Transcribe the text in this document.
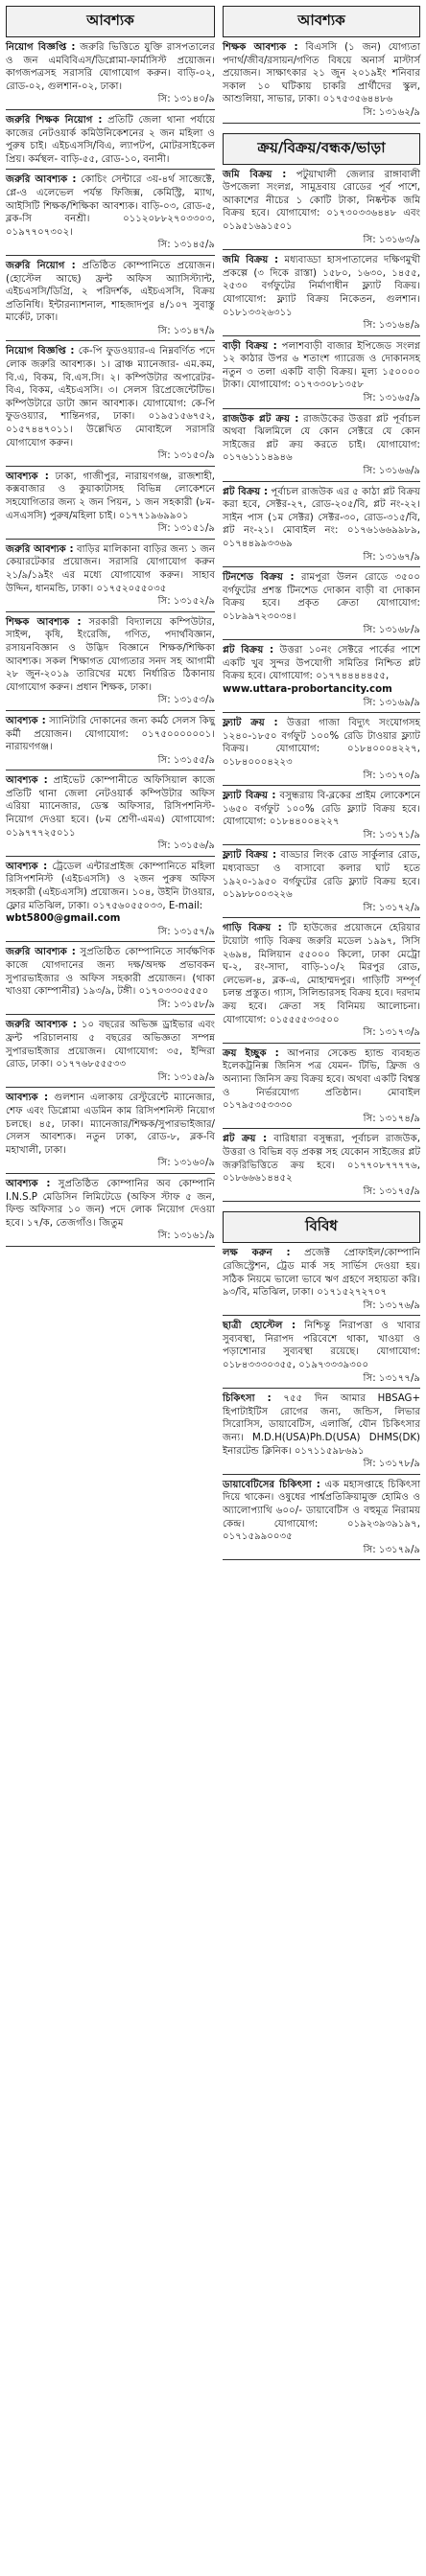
আবশ্যক
নিয়োগ বিজ্ঞপ্তি : জরুরি ভিত্তিতে যুক্তি রাসপতালের ও জন এমবিবিএস/ডিপ্লোমা-ফার্মাসিস্ট প্রয়োজন। কাগজপত্রসহ সরাসরি যোগাযোগ করুন। বাড়ি-০২, রোড-০২, গুলশান-০২, ঢাকা।
সি: ১৩১৪০/৯
জরুরি শিক্ষক নিয়োগ : প্রতিটি জেলা থানা পর্যায়ে কাজের নেটওয়ার্ক কমিউনিকেশনের ২ জন মহিলা ও পুরুষ চাই। এইচএসসি/বিএ, ল্যাপটপ, মোটরসাইকেল প্রিয়। কর্মস্থল- বাড়ি-৫৫, রোড-১০, বনানী।
জরুরি আবশ্যক : কোচিং সেন্টারে ৩য়-৪র্থ সাব্জেক্টে, প্লে-ও এলেভেল পর্যন্ত ফিজিক্স, কেমিস্ট্রি, ম্যাথ, আইসিটি শিক্ষক/শিক্ষিকা আবশ্যক। বাড়ি-০৩, রোড-৫, ব্লক-সি বনশ্রী। ০১১২০৮৮২৭০৩৩০৩, ০১৯৭৭০৭৩০২।
সি: ১৩১৪৫/৯
জরুরি নিয়োগ : প্রতিষ্ঠিত কোম্পানিতে প্রয়োজন। (হোস্টেল আছে) ফ্রন্ট অফিস অ্যাসিস্ট্যান্ট, এইচএসসি/ডিগ্রি, ২ পরিদর্শক, এইচএসসি, বিক্রয় প্রতিনিধি। ইন্টারন্যাশনাল, শাহজাদপুর ৪/১০৭ সুবাস্তু মার্কেট, ঢাকা।
সি: ১৩১৪৭/৯
নিয়োগ বিজ্ঞপ্তি : কে-পি ফুডওয়্যার-এ নিম্নবর্ণিত পদে লোক জরুরি আবশ্যক। ১। ব্রাঞ্চ ম্যানেজার- এম.কম, বি.এ, বিকম, বি.এস.সি। ২। কম্পিউটার অপারেটর-বিএ, বিকম, এইচএসসি। ৩। সেলস রিপ্রেজেন্টেটিভ। কম্পিউটারে ডাটা জ্ঞান আবশ্যক। যোগাযোগ: কে-পি ফুডওয়্যার, শান্তিনগর, ঢাকা। ০১৯৫১৫৬৭৫২, ০১৫৭৪৪৭০১১। উল্লেখিত মোবাইলে সরাসরি যোগাযোগ করুন।
সি: ১৩১৫০/৯
আবশ্যক : ঢাকা, গাজীপুর, নারায়ণগঞ্জ, রাজশাহী, কক্সবাজার ও কুয়াকাটাসহ বিভিন্ন লোকেশনে সহযোগিতার জন্য ২ জন পিয়ন, ১ জন সহকারী (৮ম-এসএসসি) পুরুষ/মহিলা চাই। ০১৭৭১৯৬৯৯০১
সি: ১৩১৫১/৯
জরুরি আবশ্যক : বাড়ির মালিকানা বাড়ির জন্য ১ জন কেয়ারটেকার প্রয়োজন। সরাসরি যোগাযোগ করুন ২১/৯/১৯ইং এর মধ্যে যোগাযোগ করুন। সাহাব উদ্দিন, ধানমন্ডি, ঢাকা। ০১৭৫২০৫৫০৩৫
সি: ১৩১৫২/৯
শিক্ষক আবশ্যক : সরকারী বিদ্যালয়ে কম্পিউটার, সাইন্স, কৃষি, ইংরেজি, গণিত, পদার্থবিজ্ঞান, রসায়নবিজ্ঞান ও উদ্ভিদ বিজ্ঞানে শিক্ষক/শিক্ষিকা আবশ্যক। সকল শিক্ষাগত যোগ্যতার সনদ সহ আগামী ২৮ জুন-২০১৯ তারিখের মধ্যে নির্ধারিত ঠিকানায় যোগাযোগ করুন। প্রধান শিক্ষক, ঢাকা।
সি: ১৩১৫৩/৯
আবশ্যক : স্যানিটারি দোকানের জন্য কর্মঠ সেলস কিছু কর্মী প্রয়োজন। যোগাযোগ: ০১৭৫০০০০০০১। নারায়ণগঞ্জ।
সি: ১৩১৫৫/৯
আবশ্যক : প্রাইভেট কোম্পানীতে অফিসিয়াল কাজে প্রতিটি থানা জেলা নেটওয়ার্ক কম্পিউটার অফিস এরিয়া ম্যানেজার, ডেস্ক অফিসার, রিসিপশনিস্ট- নিয়োগ দেওয়া হবে। (৮ম শ্রেণী-এমএ) যোগাযোগ: ০১৯৭৭৭২৫০১১
সি: ১৩১৫৬/৯
আবশ্যক : ট্রেডেল এন্টারপ্রাইজ কোম্পানিতে মহিলা রিসিপশনিস্ট (এইচএসসি) ও ২জন পুরুষ অফিস সহকারী (এইচএসসি) প্রয়োজন। ১০৪, উইনি টাওয়ার, ফ্লোর মতিঝিল, ঢাকা। ০১৭৫৬০৫৫০৩৩, E-mail:
wbt5800@gmail.com
সি: ১৩১৫৭/৯
জরুরি আবশ্যক : সুপ্রতিষ্ঠিত কোম্পানিতে সার্বক্ষণিক কাজে যোগদানের জন্য দক্ষ/অদক্ষ প্রভাবকন সুপারভাইজার ও অফিস সহকারী প্রয়োজন। (থাকা খাওয়া কোম্পানীর) ১৯৩/৯, টঙ্গী। ০১৭০৩৩০৫৫৫০
সি: ১৩১৫৮/৯
জরুরি আবশ্যক : ১০ বছরের অভিজ্ঞ ড্রাইভার এবং ফ্রন্ট পরিচালনায় ৫ বছরের অভিজ্ঞতা সম্পন্ন সুপারভাইজার প্রয়োজন। যোগাযোগ: ৩৫, ইন্দিরা রোড, ঢাকা। ০১৭৭৬৮৫৫৫৩৩
সি: ১৩১৫৯/৯
আবশ্যক : গুলশান এলাকায় রেস্টুরেন্টে ম্যানেজার, শেফ এবং ডিপ্লোমা এডমিন কাম রিসিপশনিস্ট নিয়োগ চলছে। ৪৫, ঢাকা। ম্যানেজার/শিক্ষক/সুপারভাইজার/সেলস আবশ্যক। নতুন ঢাকা, রোড-৮, ব্লক-বি মহাখালী, ঢাকা।
সি: ১৩১৬০/৯
আবশ্যক : সুপ্রতিষ্ঠিত কোম্পানির অব কোম্পানি I.N.S.P মেডিসিন লিমিটেডে (অফিস স্টাফ ৫ জন, ফিল্ড অফিসার ১০ জন) পদে লোক নিয়োগ দেওয়া হবে। ১৭/ক, তেজগাঁও। জিতুম
সি: ১৩১৬১/৯
আবশ্যক
শিক্ষক আবশ্যক : বিএসসি (১ জন) যোগ্যতা পদার্থ/জীব/রসায়ন/গণিত বিষয়ে অনার্স মাস্টার্স প্রয়োজন। সাক্ষাৎকার ২১ জুন ২০১৯ইং শনিবার সকাল ১০ ঘটিকায় চাকরি প্রার্থীদের স্কুল, আশুলিয়া, সাভার, ঢাকা। ০১৭৫৩৫৬৪৪৮৬
সি: ১৩১৬২/৯
ক্রয়/বিক্রয়/বন্ধক/ভাড়া
জমি বিক্রয় : পটুয়াখালী জেলার রাঙ্গাবালী উপজেলা সংলগ্ন, সামুদ্রবায় রোডের পূর্ব পাশে, আকাশের নীচের ১ কোটি টাকা, নিষ্কন্টক জমি বিক্রয় হবে। যোগাযোগ: ০১৭৩০৩৩৬৪৪৮ এবং ০১৯৫১৬৯১৫০১
সি: ১৩১৬৩/৯
জমি বিক্রয় : মধ্যবাড্ডা হাসপাতালের দক্ষিণমুখী প্রকল্পে (৩ দিকে রাস্তা) ১৫৮০, ১৬৩০, ১৪৫৫, ২৫৩০ বর্গফুটের নির্মাণাধীন ফ্ল্যাট বিক্রয়। যোগাযোগ: ফ্ল্যাট বিক্রয় নিকেতন, গুলশান। ০১৮১৩৩২৬৩১১
সি: ১৩১৬৪/৯
বাড়ী বিক্রয় : পলাশবাড়ী বাজার ইপিজেড সংলগ্ন ১২ কাঠার উপর ৬ শতাংশ গ্যারেজ ও দোকানসহ নতুন ৩ তলা একটি বাড়ী বিক্রয়। মূল্য ১৫০০০০ টাকা। যোগাযোগ: ০১৭৩৩০৮১৩৫৮
সি: ১৩১৬৫/৯
রাজউক প্লট ক্রয় : রাজউকের উত্তরা প্লট পূর্বাচল অথবা ঝিলমিলে যে কোন সেক্টরে যে কোন সাইজের প্লট ক্রয় করতে চাই। যোগাযোগ: ০১৭৬১১১৪৯৪৬
সি: ১৩১৬৬/৯
প্লট বিক্রয় : পূর্বাচল রাজউক এর ৫ কাঠা প্লট বিক্রয় করা হবে, সেক্টর-২৭, রোড-২০৫/বি, প্লট নং-২২। সাইন পাস (১ম সেক্টর) সেক্টর-৩০, রোড-৩১৫/বি, প্লট নং-২১। মোবাইল নং: ০১৭৬১৬৬৯৯৮৯, ০১৭৪৪৯৯৩৩৬৯
সি: ১৩১৬৭/৯
টিনশেড বিক্রয় : রামপুরা উলন রোডে ৩৫০০ বর্গফুটের প্রশস্ত টিনশেড দোকান বাড়ী বা দোকান বিক্রয় হবে। প্রকৃত ক্রেতা যোগাযোগ: ০১৮৯৯৭২৩০৩৪।
সি: ১৩১৬৮/৯
প্লট বিক্রয় : উত্তরা ১০নং সেক্টরে পার্কের পাশে একটি খুব সুন্দর উপযোগী সমিতির নিশ্চিত প্লট বিক্রয় হবে। যোগাযোগ: ০১৭৭৪৪৪৪৪৫৫,
www.uttara-probortancity.com
সি: ১৩১৬৯/৯
ফ্ল্যাট ক্রয় : উত্তরা গাজা বিদ্যুৎ সংযোগসহ ১২৪০-১৮৫০ বর্গফুট ১০০% রেডি টাওয়ার ফ্ল্যাট বিক্রয়। যোগাযোগ: ০১৮৪০০০৪২২৭, ০১৮৪০০০৪২২৩
সি: ১৩১৭০/৯
ফ্ল্যাট বিক্রয় : বসুন্ধরায় বি-ব্লকের প্রাইম লোকেশনে ১৬৫০ বর্গফুট ১০০% রেডি ফ্ল্যাট বিক্রয় হবে। যোগাযোগ: ০১৮৪৪০০৪২২৭
সি: ১৩১৭১/৯
ফ্ল্যাট বিক্রয় : বাড্ডার লিংক রোড সার্কুলার রোড, মধ্যবাড্ডা ও বাসাবো কলার ঘাট হতে ১৯২০-১৯৫০ বর্গফুটের রেডি ফ্ল্যাট বিক্রয় হবে। ০১৯৮৮০০৩২২৬
সি: ১৩১৭২/৯
গাড়ি বিক্রয় : টি হাউজের প্রয়োজনে হেরিয়ার টয়োটা গাড়ি বিক্রয় জরুরি মডেল ১৯৯৭, সিসি ২৬৯৪, মিলিয়ান ৫৫০০০ কিলো, ঢাকা মেট্রো ঘ-২, রং-সাদা, বাড়ি-১০/২ মিরপুর রোড, লেভেল-৪, ব্লক-এ, মোহাম্মদপুর। গাড়িটি সম্পূর্ণ চলন্ত প্রস্তুত। গ্যাস, সিলিন্ডারসহ বিক্রয় হবে। দরদাম ক্রয় হবে। ক্রেতা সহ বিনিময় আলোচনা। যোগাযোগ: ০১৫৫৫৫৩৩৫০০
সি: ১৩১৭৩/৯
ক্রয় ইচ্ছুক : আপনার সেকেন্ড হ্যান্ড ব্যবহৃত ইলেকট্রনিক্স জিনিস পত্র যেমন- টিভি, ফ্রিজ ও অন্যান্য জিনিস ক্রয় বিক্রয় হবে। অথবা একটি বিশ্বস্ত ও নির্ভরযোগ্য প্রতিষ্ঠান। মোবাইল ০১৭৯৫৩৫৩৩৩০
সি: ১৩১৭৪/৯
প্লট ক্রয় : বারিধারা বসুন্ধরা, পূর্বাচল রাজউক, উত্তরা ও বিভিন্ন বড় প্রকল্প সহ যেকোন সাইজের প্লট জরুরিভিত্তিতে ক্রয় হবে। ০১৭৭০৮৭৭৭৭৬, ০১৮৬৬৬১৪৪৫২
সি: ১৩১৭৫/৯
বিবিধ
লক্ষ করুন : প্রজেক্ট প্রোফাইল/কোম্পানি রেজিস্ট্রেশন, ট্রেড মার্ক সহ সার্ভিস দেওয়া হয়। সঠিক নিয়মে ভালো ভাবে ঋণ গ্রহণে সহায়তা করি। ৯৩/বি, মতিঝিল, ঢাকা। ০১৭১৫২৭২৭০৭
সি: ১৩১৭৬/৯
ছাত্রী হোস্টেল : নিশ্চিন্তু নিরাপত্তা ও খাবার সুব্যবস্থা, নিরাপদ পরিবেশে থাকা, খাওয়া ও পড়াশোনার সুব্যবস্থা রয়েছে। যোগাযোগ: ০১৮৪৩৩৩০৩৫৫, ০১৯৭৩৩৩৯৩০০
সি: ১৩১৭৭/৯
চিকিৎসা : ৭৫৫ দিন আমার HBSAG+ হিপাটাইটিস রোগের জন্য, জন্ডিস, লিভার সিরোসিস, ডায়াবেটিস, এলার্জি, যৌন চিকিৎসার জন্য। M.D.H(USA)Ph.D(USA) DHMS(DK) ইনারটেন্ড ক্লিনিক। ০১৭১১৫৯৮৬৯১
সি: ১৩১৭৮/৯
ডায়াবেটিসের চিকিৎসা : এক মহাসপ্তাহে চিকিৎসা দিয়ে থাকেন। ওষুধের পার্শ্বপ্রতিক্রিয়ামুক্ত হোমিও ও অ্যালোপ্যাথি ৬০০/- ডায়াবেটিস ও বহুমূত্র নিরাময় কেন্দ্র। যোগাযোগ: ০১৯২৩৯৩৯১৯৭, ০১৭১৫৯৯০০৩৫
সি: ১৩১৭৯/৯
